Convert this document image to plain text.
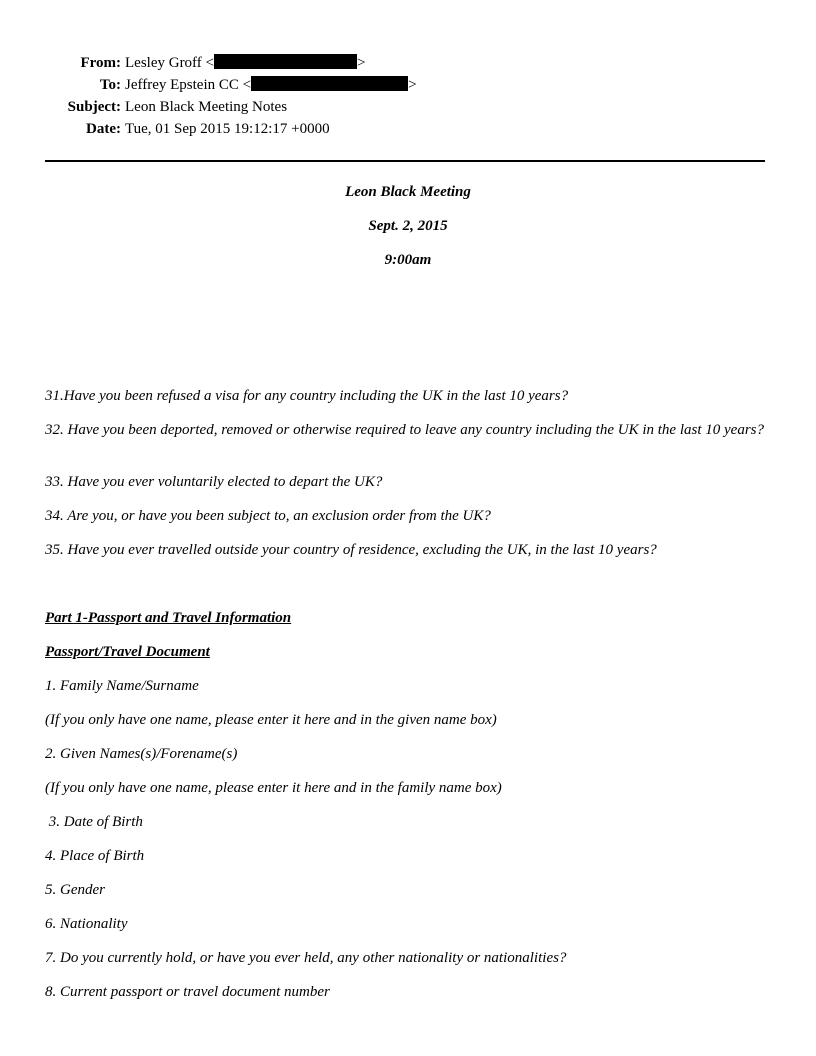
From: Lesley Groff <	>
To: Jeffrey Epstein CC <	>
Subject: Leon Black Meeting Notes
Date: Tue, 01 Sep 2015 19:12:17 +0000
Leon Black Meeting
Sept. 2, 2015
9:00am
31.Have you been refused a visa for any country including the UK in the last 10 years?
32. Have you been deported, removed or otherwise required to leave any country including the UK in the last 10 years?
33. Have you ever voluntarily elected to depart the UK?
34. Are you, or have you been subject to, an exclusion order from the UK?
35. Have you ever travelled outside your country of residence, excluding the UK, in the last 10 years?
Part 1-Passport and Travel Information
Passport/Travel Document
1. Family Name/Surname
(If you only have one name, please enter it here and in the given name box)
2. Given Names(s)/Forename(s)
(If you only have one name, please enter it here and in the family name box)
3. Date of Birth
4. Place of Birth
5. Gender
6. Nationality
7. Do you currently hold, or have you ever held, any other nationality or nationalities?
8. Current passport or travel document number
